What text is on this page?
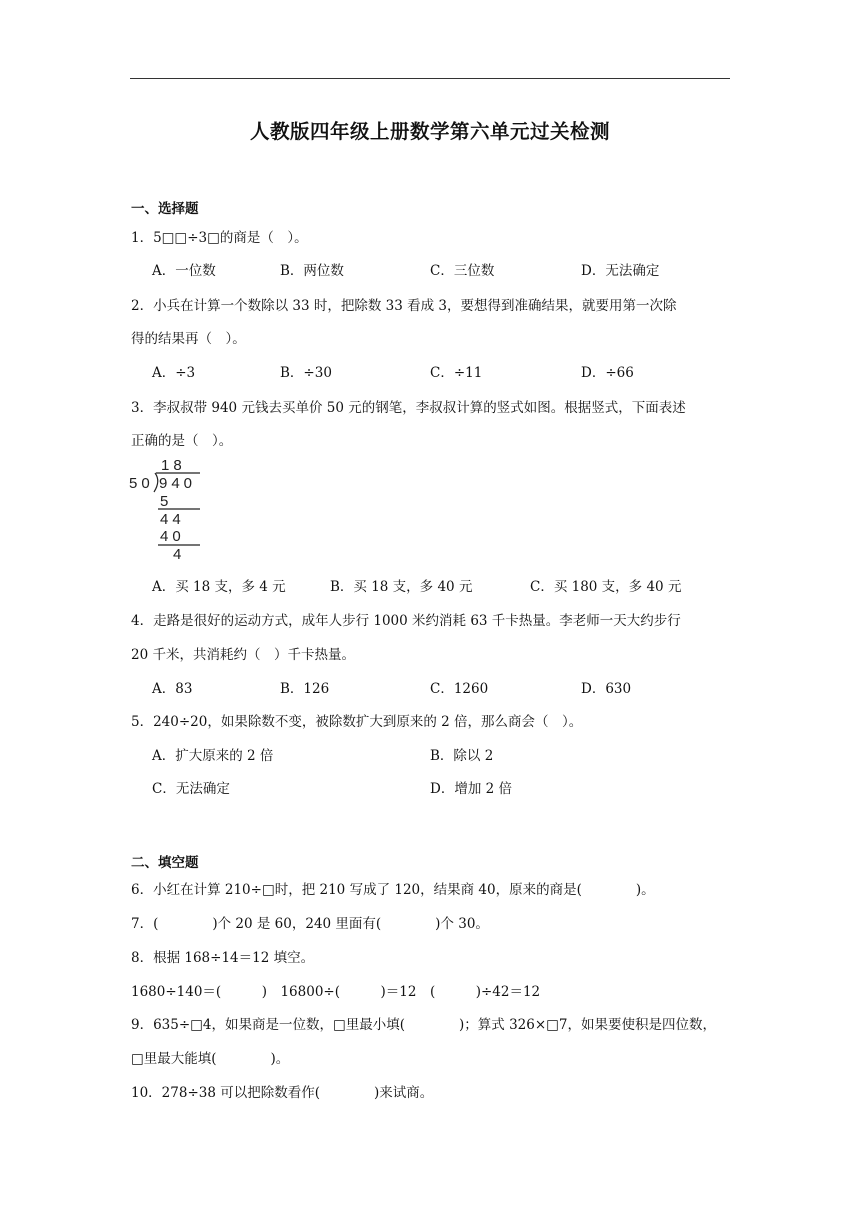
人教版四年级上册数学第六单元过关检测
一、选择题
1．5□□÷3□的商是（　）。
A．一位数	B．两位数	C．三位数	D．无法确定
2．小兵在计算一个数除以 33 时，把除数 33 看成 3，要想得到准确结果，就要用第一次除
得的结果再（　）。
A．÷3	B．÷30	C．÷11	D．÷66
3．李叔叔带 940 元钱去买单价 50 元的钢笔，李叔叔计算的竖式如图。根据竖式，下面表述
正确的是（　）。
18
50 940
5
44
40
4
A．买 18 支，多 4 元	B．买 18 支，多 40 元	C．买 180 支，多 40 元
4．走路是很好的运动方式，成年人步行 1000 米约消耗 63 千卡热量。李老师一天大约步行
20 千米，共消耗约（　）千卡热量。
A．83	B．126	C．1260	D．630
5．240÷20，如果除数不变，被除数扩大到原来的 2 倍，那么商会（　）。
A．扩大原来的 2 倍	B．除以 2
C．无法确定	D．增加 2 倍
二、填空题
6．小红在计算 210÷□时，把 210 写成了 120，结果商 40，原来的商是(　　　　)。
7．(　　　　)个 20 是 60，240 里面有(　　　　)个 30。
8．根据 168÷14＝12 填空。
1680÷140＝(　　　)　16800÷(　　　)＝12　(　　　)÷42＝12
9．635÷□4，如果商是一位数，□里最小填(　　　　)；算式 326×□7，如果要使积是四位数，
□里最大能填(　　　　)。
10．278÷38 可以把除数看作(　　　　)来试商。
